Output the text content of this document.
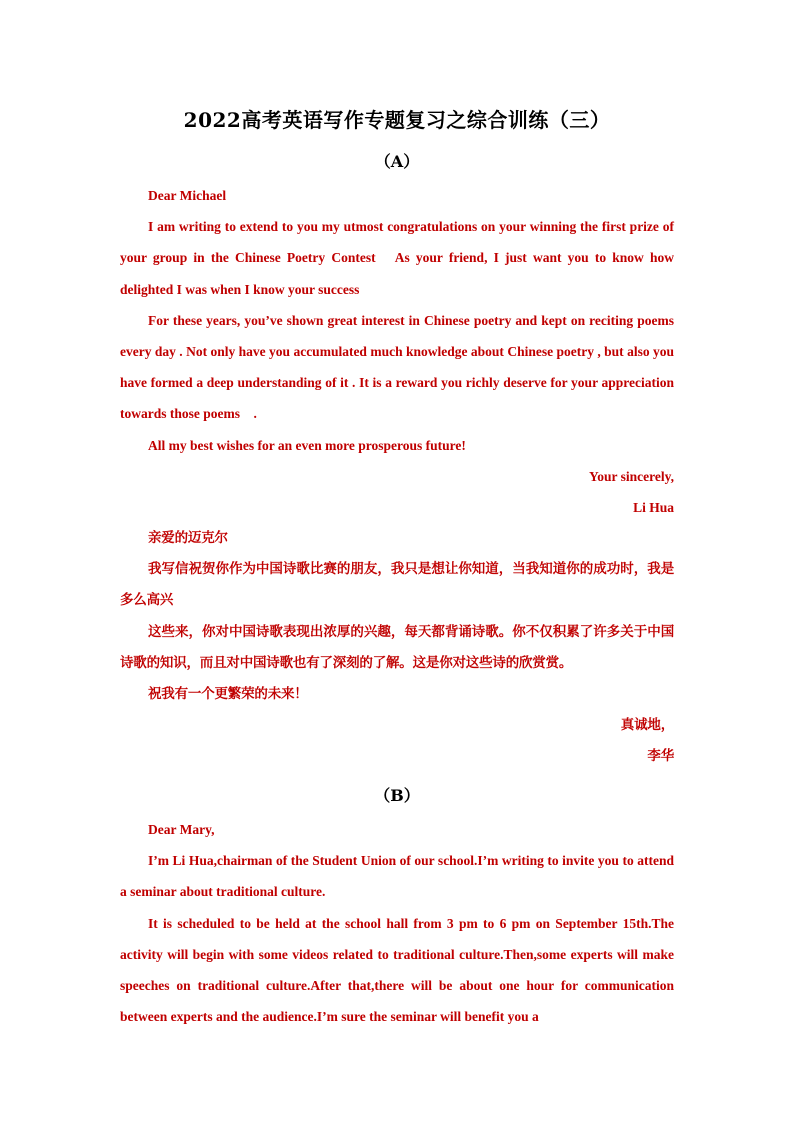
2022高考英语写作专题复习之综合训练（三）
（A）

Dear Michael

I am writing to extend to you my utmost congratulations on your winning the first prize of your group in the Chinese Poetry Contest　As your friend, I just want you to know how delighted I was when I know your success

For these years, you’ve shown great interest in Chinese poetry and kept on reciting poems every day . Not only have you accumulated much knowledge about Chinese poetry , but also you have formed a deep understanding of it . It is a reward you richly deserve for your appreciation towards those poems　.

All my best wishes for an even more prosperous future!

Your sincerely,

Li Hua

亲爱的迈克尔

我写信祝贺你作为中国诗歌比赛的朋友，我只是想让你知道，当我知道你的成功时，我是多么高兴

这些来，你对中国诗歌表现出浓厚的兴趣，每天都背诵诗歌。你不仅积累了许多关于中国诗歌的知识，而且对中国诗歌也有了深刻的了解。这是你对这些诗的欣赏赏。

祝我有一个更繁荣的未来！

真诚地，

李华

（B）

Dear Mary,

I’m Li Hua,chairman of the Student Union of our school.I’m writing to invite you to attend a seminar about traditional culture.

It is scheduled to be held at the school hall from 3 pm to 6 pm on September 15th.The activity will begin with some videos related to traditional culture.Then,some experts will make speeches on traditional culture.After that,there will be about one hour for communication between experts and the audience.I’m sure the seminar will benefit you a
